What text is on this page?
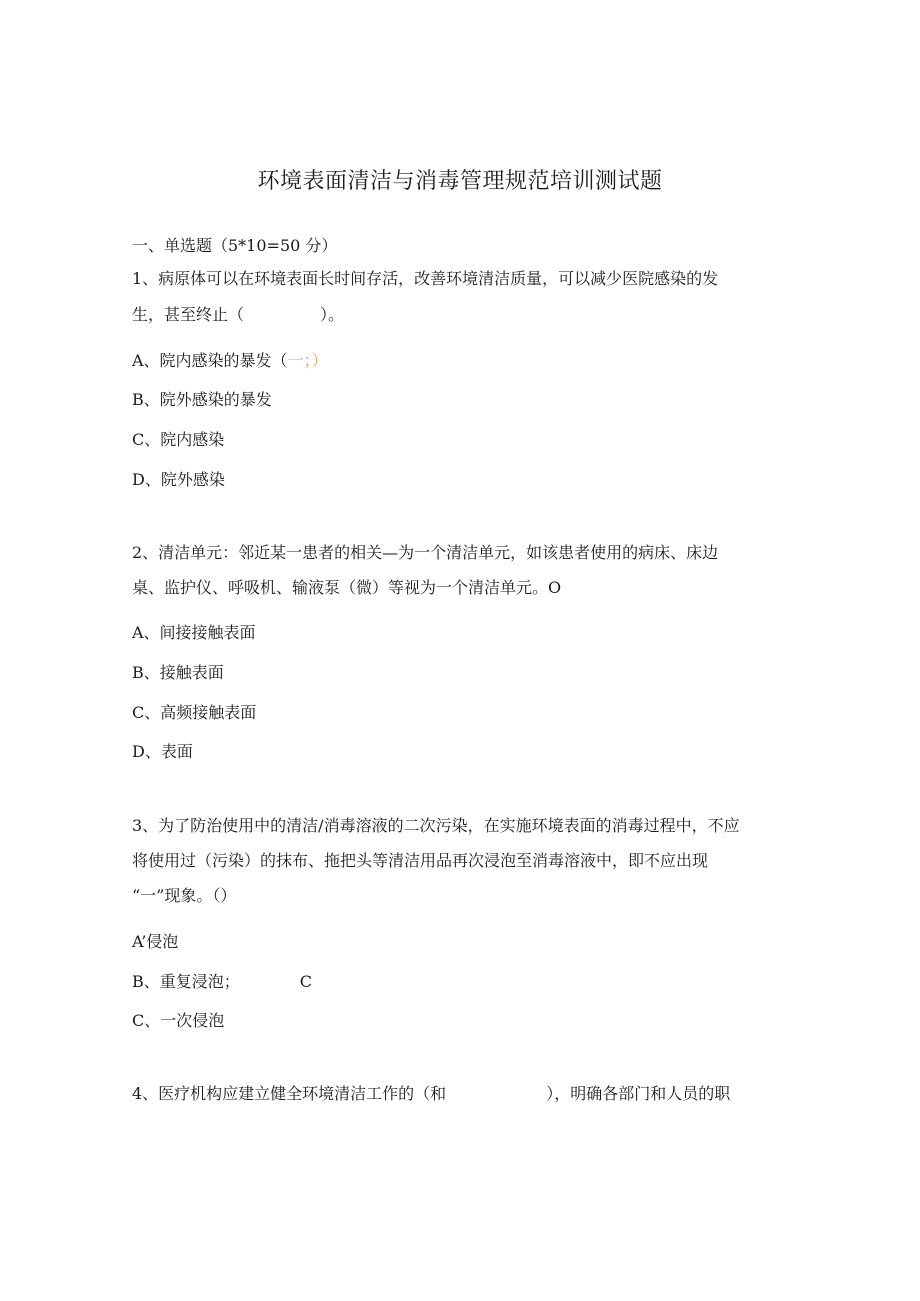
环境表面清洁与消毒管理规范培训测试题
一、单选题（5*10=50 分）
1、病原体可以在环境表面长时间存活，改善环境清洁质量，可以减少医院感染的发
生，甚至终止（	）。
A、院内感染的暴发（一；）
B、院外感染的暴发
C、院内感染
D、院外感染
2、清洁单元：邻近某一患者的相关—为一个清洁单元，如该患者使用的病床、床边
桌、监护仪、呼吸机、输液泵（微）等视为一个清洁单元。O
A、间接接触表面
B、接触表面
C、高频接触表面
D、表面
3、为了防治使用中的清洁/消毒溶液的二次污染，在实施环境表面的消毒过程中，不应
将使用过（污染）的抹布、拖把头等清洁用品再次浸泡至消毒溶液中，即不应出现
“一”现象。（）
A’侵泡
B、重复浸泡；	C
C、一次侵泡
4、医疗机构应建立健全环境清洁工作的（和	），明确各部门和人员的职
